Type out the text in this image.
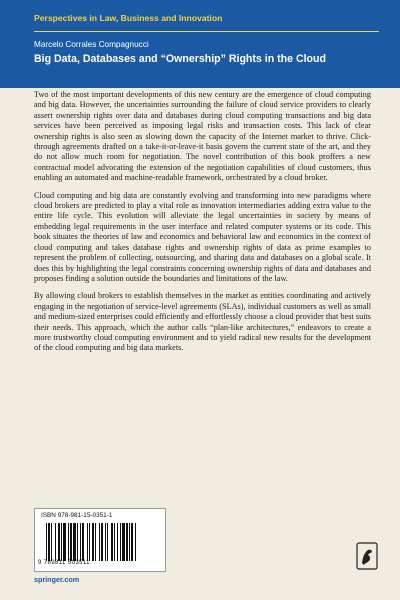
Perspectives in Law, Business and Innovation
Marcelo Corrales Compagnucci
Big Data, Databases and “Ownership” Rights in the Cloud

Two of the most important developments of this new century are the emergence of cloud computing and big data. However, the uncertainties surrounding the failure of cloud service providers to clearly assert ownership rights over data and databases during cloud computing transactions and big data services have been perceived as imposing legal risks and transaction costs. This lack of clear ownership rights is also seen as slowing down the capacity of the Internet market to thrive. Click-through agreements drafted on a take-it-or-leave-it basis govern the current state of the art, and they do not allow much room for negotiation. The novel contribution of this book proffers a new contractual model advocating the extension of the negotiation capabilities of cloud customers, thus enabling an automated and machine-readable framework, orchestrated by a cloud broker.

Cloud computing and big data are constantly evolving and transforming into new paradigms where cloud brokers are predicted to play a vital role as innovation intermediaries adding extra value to the entire life cycle. This evolution will alleviate the legal uncertainties in society by means of embedding legal requirements in the user interface and related computer systems or its code. This book situates the theories of law and economics and behavioral law and economics in the context of cloud computing and takes database rights and ownership rights of data as prime examples to represent the problem of collecting, outsourcing, and sharing data and databases on a global scale. It does this by highlighting the legal constraints concerning ownership rights of data and databases and proposes finding a solution outside the boundaries and limitations of the law.

By allowing cloud brokers to establish themselves in the market as entities coordinating and actively engaging in the negotiation of service-level agreements (SLAs), individual customers as well as small and medium-sized enterprises could efficiently and effortlessly choose a cloud provider that best suits their needs. This approach, which the author calls “plan-like architectures,” endeavors to create a more trustworthy cloud computing environment and to yield radical new results for the development of the cloud computing and big data markets.

ISBN 978-981-15-0351-1
9 789811 503511
springer.com
